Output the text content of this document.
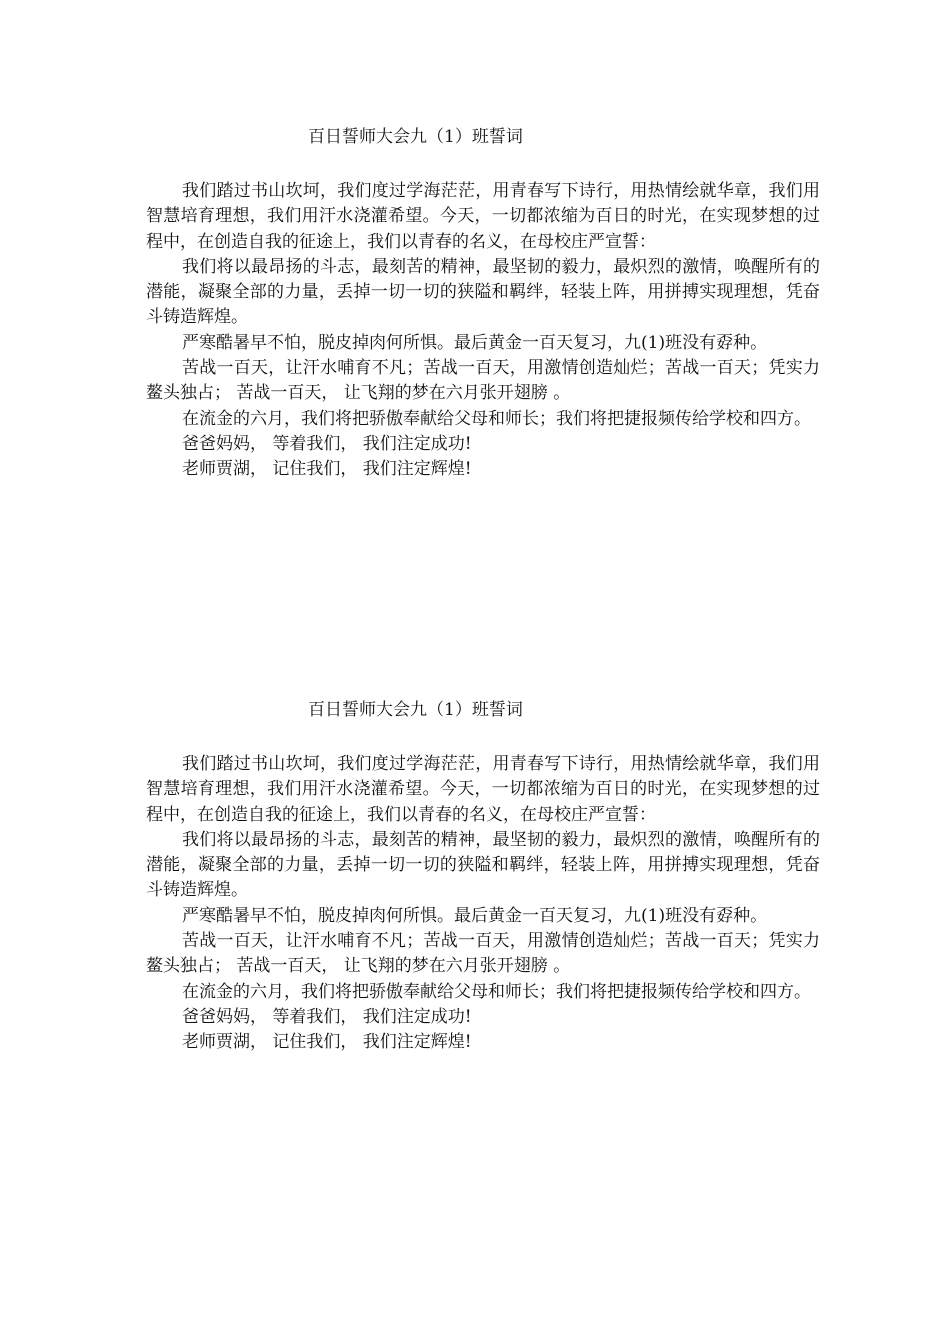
百日誓师大会九（1）班誓词

我们踏过书山坎坷，我们度过学海茫茫，用青春写下诗行，用热情绘就华章，我们用智慧培育理想，我们用汗水浇灌希望。今天，一切都浓缩为百日的时光，在实现梦想的过程中，在创造自我的征途上，我们以青春的名义，在母校庄严宣誓：

我们将以最昂扬的斗志，最刻苦的精神，最坚韧的毅力，最炽烈的激情，唤醒所有的潜能，凝聚全部的力量，丢掉一切一切的狭隘和羁绊，轻装上阵，用拼搏实现理想，凭奋斗铸造辉煌。

严寒酷暑早不怕，脱皮掉肉何所惧。最后黄金一百天复习，九(1)班没有孬种。

苦战一百天，让汗水哺育不凡；苦战一百天，用激情创造灿烂；苦战一百天；凭实力鳌头独占； 苦战一百天， 让飞翔的梦在六月张开翅膀 。

在流金的六月，我们将把骄傲奉献给父母和师长；我们将把捷报频传给学校和四方。

爸爸妈妈， 等着我们， 我们注定成功!

老师贾湖， 记住我们， 我们注定辉煌!

百日誓师大会九（1）班誓词

我们踏过书山坎坷，我们度过学海茫茫，用青春写下诗行，用热情绘就华章，我们用智慧培育理想，我们用汗水浇灌希望。今天，一切都浓缩为百日的时光，在实现梦想的过程中，在创造自我的征途上，我们以青春的名义，在母校庄严宣誓：

我们将以最昂扬的斗志，最刻苦的精神，最坚韧的毅力，最炽烈的激情，唤醒所有的潜能，凝聚全部的力量，丢掉一切一切的狭隘和羁绊，轻装上阵，用拼搏实现理想，凭奋斗铸造辉煌。

严寒酷暑早不怕，脱皮掉肉何所惧。最后黄金一百天复习，九(1)班没有孬种。

苦战一百天，让汗水哺育不凡；苦战一百天，用激情创造灿烂；苦战一百天；凭实力鳌头独占； 苦战一百天， 让飞翔的梦在六月张开翅膀 。

在流金的六月，我们将把骄傲奉献给父母和师长；我们将把捷报频传给学校和四方。

爸爸妈妈， 等着我们， 我们注定成功!

老师贾湖， 记住我们， 我们注定辉煌!
